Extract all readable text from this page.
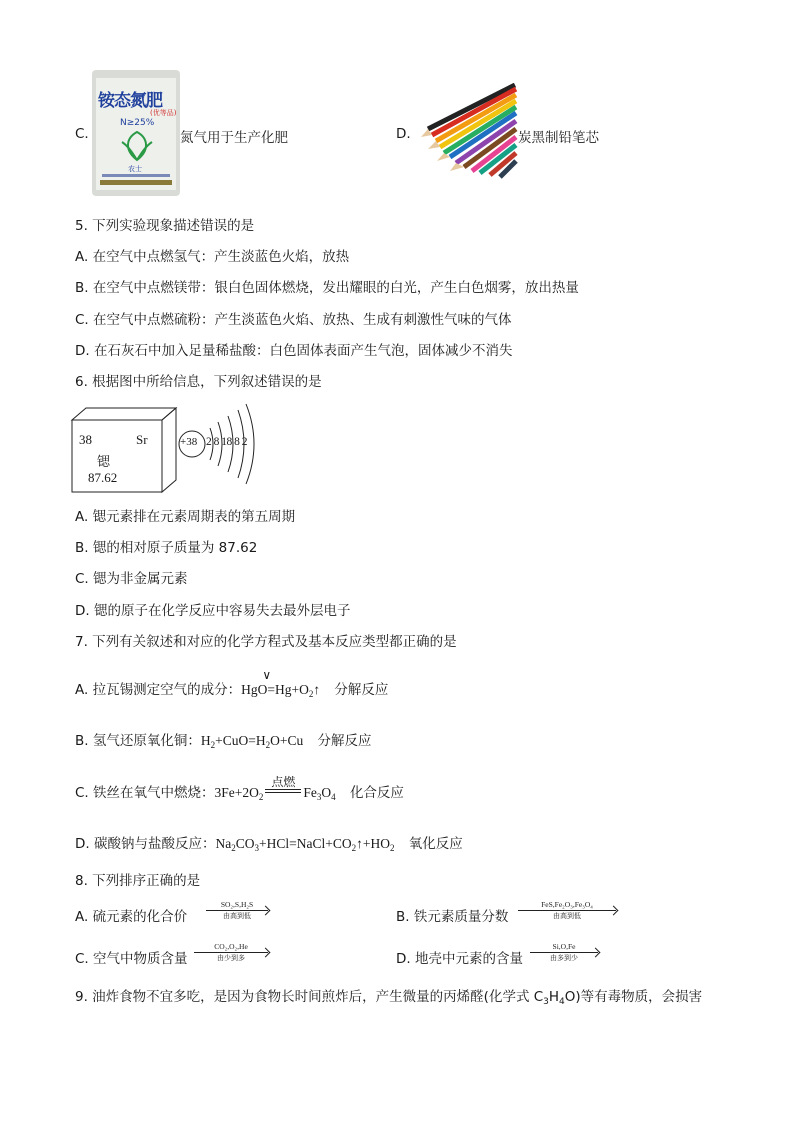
C.
铵态氮肥
(优等品)
N≥25%
农士
氮气用于生产化肥	D.	炭黑制铅笔芯
5. 下列实验现象描述错误的是
A. 在空气中点燃氢气：产生淡蓝色火焰，放热
B. 在空气中点燃镁带：银白色固体燃烧，发出耀眼的白光，产生白色烟雾，放出热量
C. 在空气中点燃硫粉：产生淡蓝色火焰、放热、生成有刺激性气味的气体
D. 在石灰石中加入足量稀盐酸：白色固体表面产生气泡，固体减少不消失
6. 根据图中所给信息，下列叙述错误的是
38	Sr
锶
87.62
+38 2 8 18 8 2
A. 锶元素排在元素周期表的第五周期
B. 锶的相对原子质量为 87.62
C. 锶为非金属元素
D. 锶的原子在化学反应中容易失去最外层电子
7. 下列有关叙述和对应的化学方程式及基本反应类型都正确的是
A. 拉瓦锡测定空气的成分：HgO=
∨
$Hg+O_2↑$ 分解反应
B. 氢气还原氧化铜：$H_2+CuO=H_2O+Cu$ 分解反应
C. 铁丝在氧气中燃烧：$3Fe+2O_2$
点燃
$Fe_3O_4$ 化合反应
D. 碳酸钠与盐酸反应：$Na_2CO_3+HCl=NaCl+CO_2↑+HO_2$ 氧化反应
8. 下列排序正确的是
A. 硫元素的化合价
SO₂,S,H₂S
由高到低	B. 铁元素质量分数
FeS,Fe₂O₃,Fe₃O₄
由高到低
C. 空气中物质含量
CO₂,O₂,He
由少到多	D. 地壳中元素的含量
Si,O,Fe
由多到少
9. 油炸食物不宜多吃，是因为食物长时间煎炸后，产生微量的丙烯醛(化学式 $C_3H_4O$)等有毒物质，会损害
